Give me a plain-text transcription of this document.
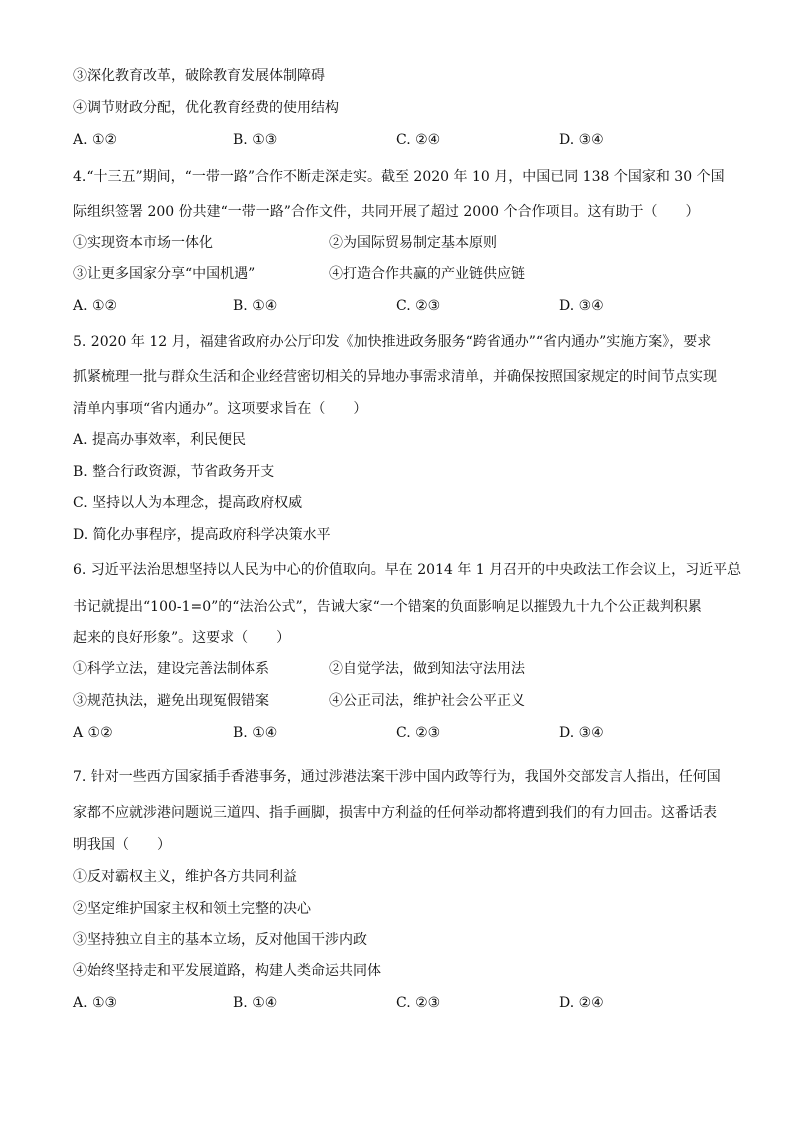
③深化教育改革，破除教育发展体制障碍
④调节财政分配，优化教育经费的使用结构
A. ①②	B. ①③	C. ②④	D. ③④
4.“十三五”期间，“一带一路”合作不断走深走实。截至 2020 年 10 月，中国已同 138 个国家和 30 个国
际组织签署 200 份共建“一带一路”合作文件，共同开展了超过 2000 个合作项目。这有助于（　　）
①实现资本市场一体化	②为国际贸易制定基本原则
③让更多国家分享“中国机遇”	④打造合作共赢的产业链供应链
A. ①②	B. ①④	C. ②③	D. ③④
5. 2020 年 12 月，福建省政府办公厅印发《加快推进政务服务“跨省通办”“省内通办”实施方案》，要求
抓紧梳理一批与群众生活和企业经营密切相关的异地办事需求清单，并确保按照国家规定的时间节点实现
清单内事项“省内通办”。这项要求旨在（　　）
A. 提高办事效率，利民便民
B. 整合行政资源，节省政务开支
C. 坚持以人为本理念，提高政府权威
D. 简化办事程序，提高政府科学决策水平
6. 习近平法治思想坚持以人民为中心的价值取向。早在 2014 年 1 月召开的中央政法工作会议上，习近平总
书记就提出“100-1=0”的“法治公式”，告诫大家“一个错案的负面影响足以摧毁九十九个公正裁判积累
起来的良好形象”。这要求（　　）
①科学立法，建设完善法制体系	②自觉学法，做到知法守法用法
③规范执法，避免出现冤假错案	④公正司法，维护社会公平正义
A ①②	B. ①④	C. ②③	D. ③④
7. 针对一些西方国家插手香港事务，通过涉港法案干涉中国内政等行为，我国外交部发言人指出，任何国
家都不应就涉港问题说三道四、指手画脚，损害中方利益的任何举动都将遭到我们的有力回击。这番话表
明我国（　　）
①反对霸权主义，维护各方共同利益
②坚定维护国家主权和领土完整的决心
③坚持独立自主的基本立场，反对他国干涉内政
④始终坚持走和平发展道路，构建人类命运共同体
A. ①③	B. ①④	C. ②③	D. ②④
